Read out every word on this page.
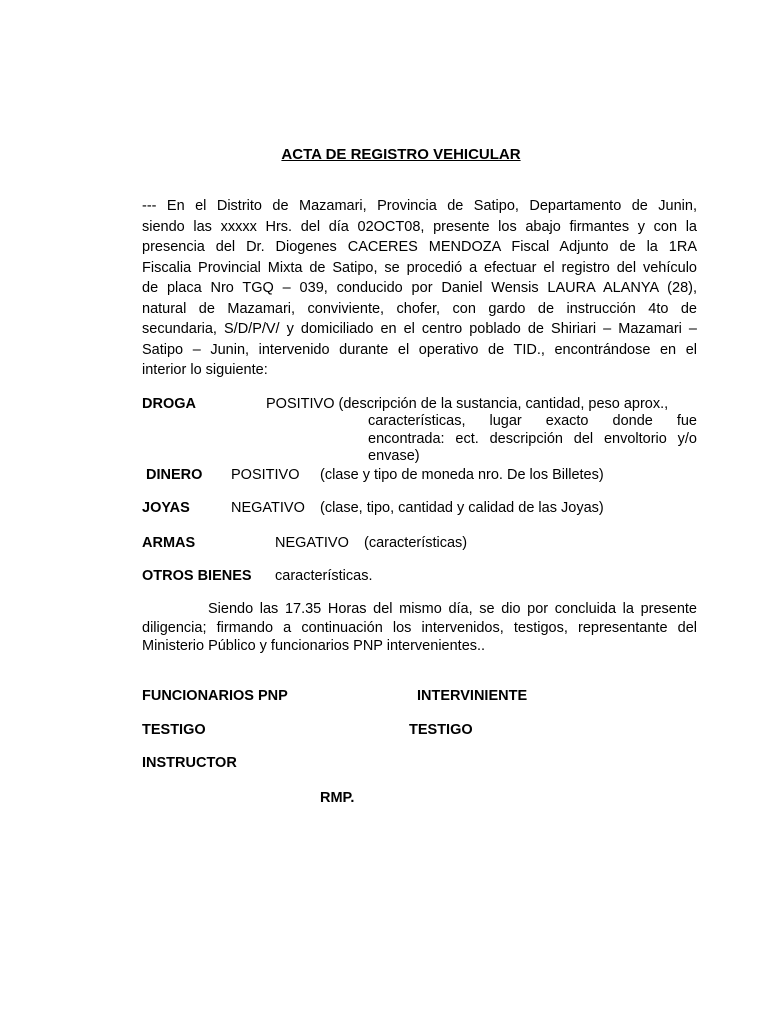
ACTA DE REGISTRO VEHICULAR
--- En el Distrito de Mazamari, Provincia de Satipo, Departamento de Junin,
siendo las xxxxx Hrs. del día 02OCT08, presente los abajo firmantes y con la
presencia del Dr. Diogenes CACERES MENDOZA Fiscal Adjunto de la 1RA
Fiscalia Provincial Mixta de Satipo, se procedió a efectuar el registro del vehículo
de placa Nro TGQ – 039, conducido por Daniel Wensis LAURA ALANYA (28),
natural de Mazamari, conviviente, chofer, con gardo de instrucción 4to de
secundaria, S/D/P/V/ y domiciliado en el centro poblado de Shiriari – Mazamari –
Satipo – Junin, intervenido durante el operativo de TID., encontrándose en el
interior lo siguiente:
DROGA	POSITIVO (descripción de la sustancia, cantidad, peso aprox.,
características, lugar exacto donde fue
encontrada: ect. descripción del envoltorio y/o
envase)
DINERO POSITIVO (clase y tipo de moneda nro. De los Billetes)
JOYAS	NEGATIVO (clase, tipo, cantidad y calidad de las Joyas)
ARMAS	NEGATIVO (características)
OTROS BIENES características.
Siendo las 17.35 Horas del mismo día, se dio por concluida la presente
diligencia; firmando a continuación los intervenidos, testigos, representante del
Ministerio Público y funcionarios PNP intervenientes..
FUNCIONARIOS PNP	INTERVINIENTE
TESTIGO	TESTIGO
INSTRUCTOR
RMP.
